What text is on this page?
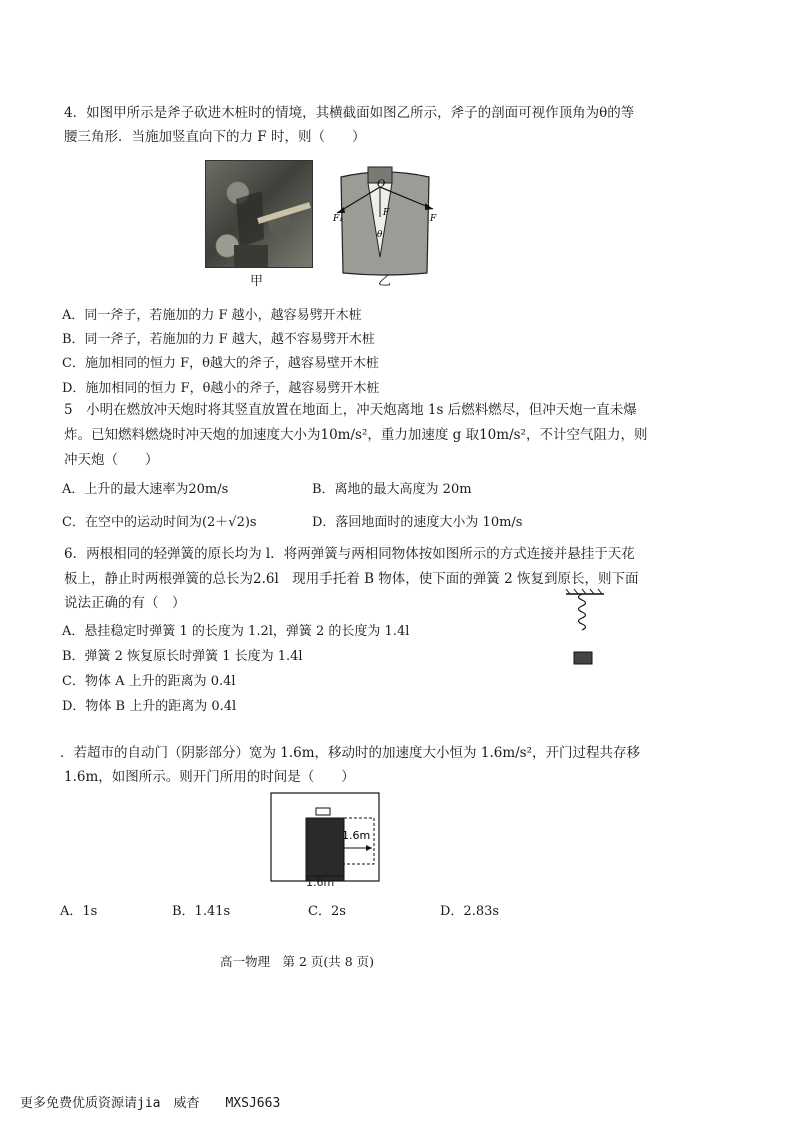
4．如图甲所示是斧子砍进木桩时的情境，其横截面如图乙所示，斧子的剖面可视作顶角为θ的等
腰三角形．当施加竖直向下的力 F 时，则（　　）
甲
O
F₁	F
F
θ
乙
A．同一斧子，若施加的力 F 越小，越容易劈开木桩
B．同一斧子，若施加的力 F 越大，越不容易劈开木桩
C．施加相同的恒力 F，θ越大的斧子，越容易壁开木桩
D．施加相同的恒力 F，θ越小的斧子，越容易劈开木桩
5　小明在燃放冲天炮时将其竖直放置在地面上，冲天炮离地 1s 后燃料燃尽，但冲天炮一直未爆
炸。已知燃料燃烧时冲天炮的加速度大小为10m/s²，重力加速度 g 取10m/s²，不计空气阻力，则
冲天炮（　　）
A．上升的最大速率为20m/s	B．离地的最大高度为 20m
C．在空中的运动时间为(2＋√2)s	D．落回地面时的速度大小为 10m/s
6．两根相同的轻弹簧的原长均为 l．将两弹簧与两相同物体按如图所示的方式连接并悬挂于天花
板上，静止时两根弹簧的总长为2.6l　现用手托着 B 物体，使下面的弹簧 2 恢复到原长，则下面
说法正确的有（　）
A．悬挂稳定时弹簧 1 的长度为 1.2l，弹簧 2 的长度为 1.4l
B．弹簧 2 恢复原长时弹簧 1 长度为 1.4l
C．物体 A 上升的距离为 0.4l
D．物体 B 上升的距离为 0.4l
．若超市的自动门（阴影部分）宽为 1.6m，移动时的加速度大小恒为 1.6m/s²，开门过程共存移
1.6m，如图所示。则开门所用的时间是（　　）
1.6m
1.6m
A．1s	B．1.41s	C．2s	D．2.83s
高一物理　第 2 页(共 8 页)
更多免费优质资源请jia　威杳　　MXSJ663
